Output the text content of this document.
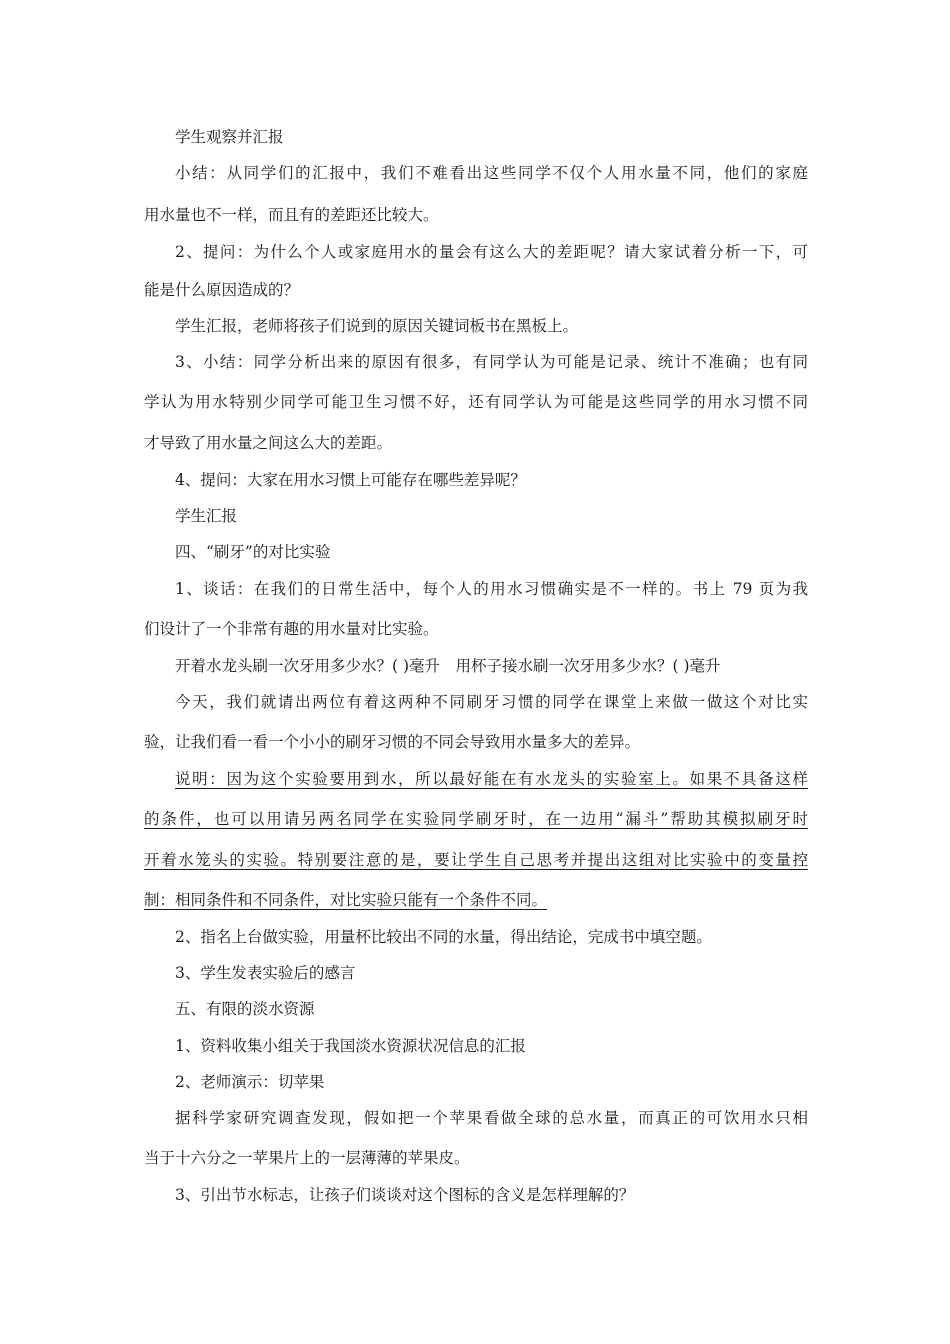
学生观察并汇报
小结：从同学们的汇报中，我们不难看出这些同学不仅个人用水量不同，他们的家庭
用水量也不一样，而且有的差距还比较大。
2、提问：为什么个人或家庭用水的量会有这么大的差距呢？请大家试着分析一下，可
能是什么原因造成的？
学生汇报，老师将孩子们说到的原因关键词板书在黑板上。
3、小结：同学分析出来的原因有很多，有同学认为可能是记录、统计不准确；也有同
学认为用水特别少同学可能卫生习惯不好，还有同学认为可能是这些同学的用水习惯不同
才导致了用水量之间这么大的差距。
4、提问：大家在用水习惯上可能存在哪些差异呢？
学生汇报
四、“刷牙”的对比实验
1、谈话：在我们的日常生活中，每个人的用水习惯确实是不一样的。书上 79 页为我
们设计了一个非常有趣的用水量对比实验。
开着水龙头刷一次牙用多少水？( )毫升　用杯子接水刷一次牙用多少水？( )毫升
今天，我们就请出两位有着这两种不同刷牙习惯的同学在课堂上来做一做这个对比实
验，让我们看一看一个小小的刷牙习惯的不同会导致用水量多大的差异。
说明：因为这个实验要用到水，所以最好能在有水龙头的实验室上。如果不具备这样
的条件，也可以用请另两名同学在实验同学刷牙时，在一边用“漏斗”帮助其模拟刷牙时
开着水笼头的实验。特别要注意的是，要让学生自己思考并提出这组对比实验中的变量控
制：相同条件和不同条件，对比实验只能有一个条件不同。
2、指名上台做实验，用量杯比较出不同的水量，得出结论，完成书中填空题。
3、学生发表实验后的感言
五、有限的淡水资源
1、资料收集小组关于我国淡水资源状况信息的汇报
2、老师演示：切苹果
据科学家研究调查发现，假如把一个苹果看做全球的总水量，而真正的可饮用水只相
当于十六分之一苹果片上的一层薄薄的苹果皮。
3、引出节水标志，让孩子们谈谈对这个图标的含义是怎样理解的？
